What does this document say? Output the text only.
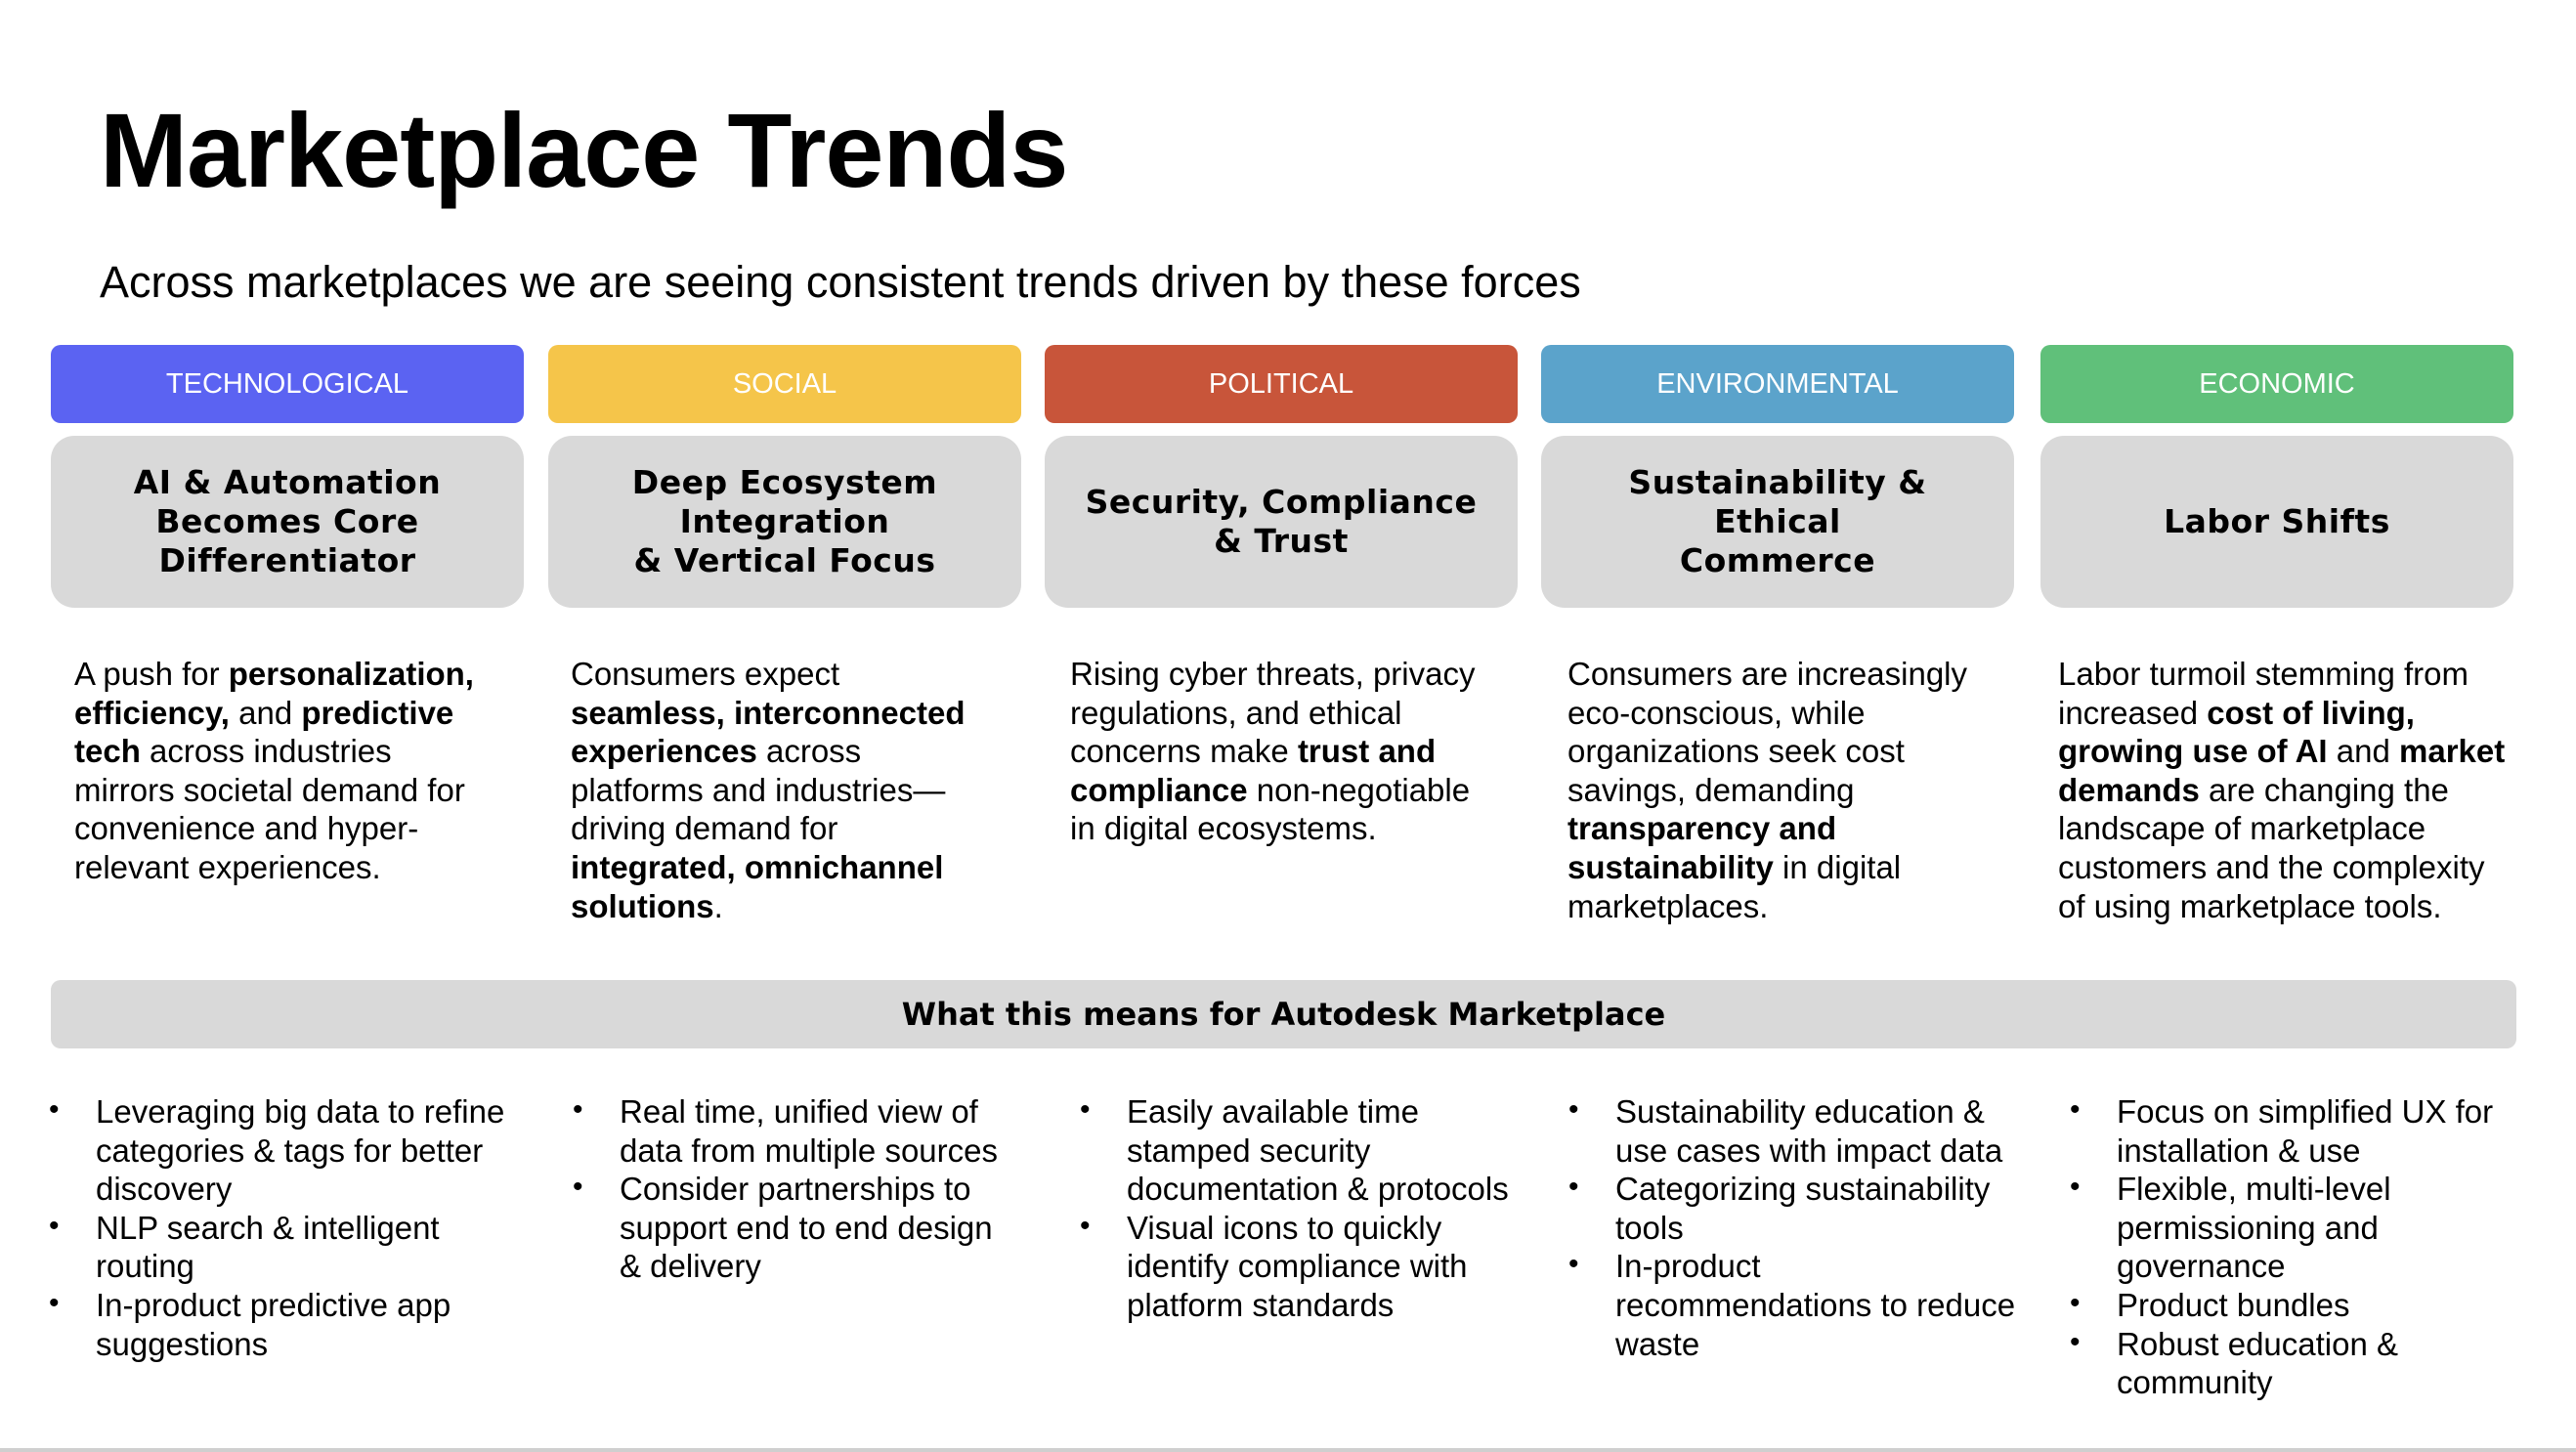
Marketplace Trends

Across marketplaces we are seeing consistent trends driven by these forces

TECHNOLOGICAL
AI & Automation
Becomes Core
Differentiator
A push for personalization, efficiency, and predictive tech across industries mirrors societal demand for convenience and hyper-relevant experiences.
• Leveraging big data to refine categories & tags for better discovery
• NLP search & intelligent routing
• In-product predictive app suggestions
SOCIAL
Deep Ecosystem
Integration
& Vertical Focus
Consumers expect seamless, interconnected experiences across platforms and industries—driving demand for integrated, omnichannel solutions.
• Real time, unified view of data from multiple sources
• Consider partnerships to support end to end design & delivery
POLITICAL
Security, Compliance
& Trust
Rising cyber threats, privacy regulations, and ethical concerns make trust and compliance non-negotiable in digital ecosystems.
• Easily available time stamped security documentation & protocols
• Visual icons to quickly identify compliance with platform standards
ENVIRONMENTAL
Sustainability & Ethical
Commerce
Consumers are increasingly eco-conscious, while organizations seek cost savings, demanding transparency and sustainability in digital marketplaces.
• Sustainability education & use cases with impact data
• Categorizing sustainability tools
• In-product recommendations to reduce waste
ECONOMIC
Labor Shifts
Labor turmoil stemming from increased cost of living, growing use of AI and market demands are changing the landscape of marketplace customers and the complexity of using marketplace tools.
• Focus on simplified UX for installation & use
• Flexible, multi-level permissioning and governance
• Product bundles
• Robust education & community
What this means for Autodesk Marketplace
